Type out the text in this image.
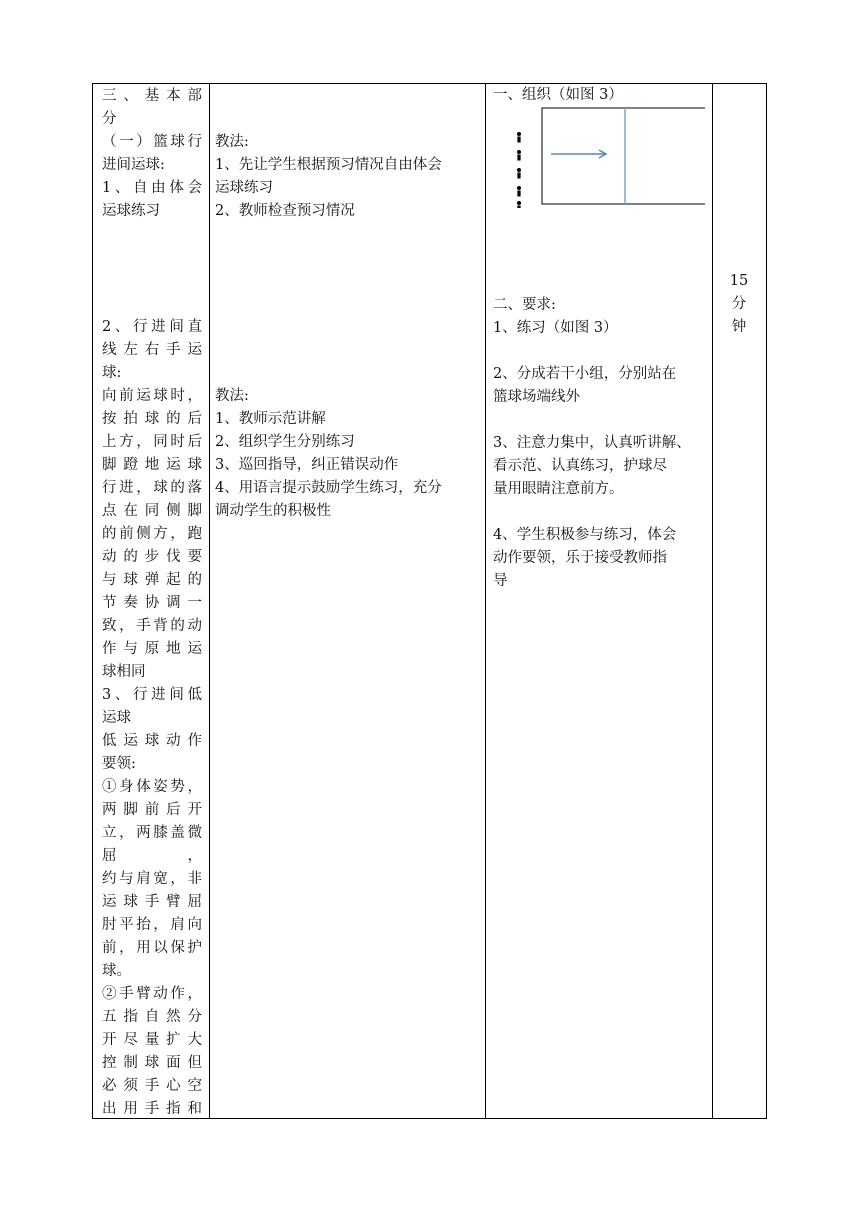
三、基本部
分
（一）篮球行
进间运球:
1、自由体会
运球练习
2、行进间直
线左右手运
球:
向前运球时，
按拍球的后
上方，同时后
脚蹬地运球
行进，球的落
点在同侧脚
的前侧方，跑
动的步伐要
与球弹起的
节奏协调一
致，手背的动
作与原地运
球相同
3、行进间低
运球
低运球动作
要领:
①身体姿势，
两脚前后开
立，两膝盖微
屈　　　，
约与肩宽，非
运球手臂屈
肘平抬，肩向
前，用以保护
球。
②手臂动作，
五指自然分
开尽量扩大
控制球面但
必须手心空
出用手指和
教法:
1、先让学生根据预习情况自由体会
运球练习
2、教师检查预习情况
教法:
1、教师示范讲解
2、组织学生分别练习
3、巡回指导，纠正错误动作
4、用语言提示鼓励学生练习，充分
调动学生的积极性
一、组织（如图 3）
二、要求:
1、练习（如图 3）
2、分成若干小组，分别站在
篮球场端线外
3、注意力集中，认真听讲解、
看示范、认真练习，护球尽
量用眼睛注意前方。
4、学生积极参与练习，体会
动作要领，乐于接受教师指
导
15
分
钟
